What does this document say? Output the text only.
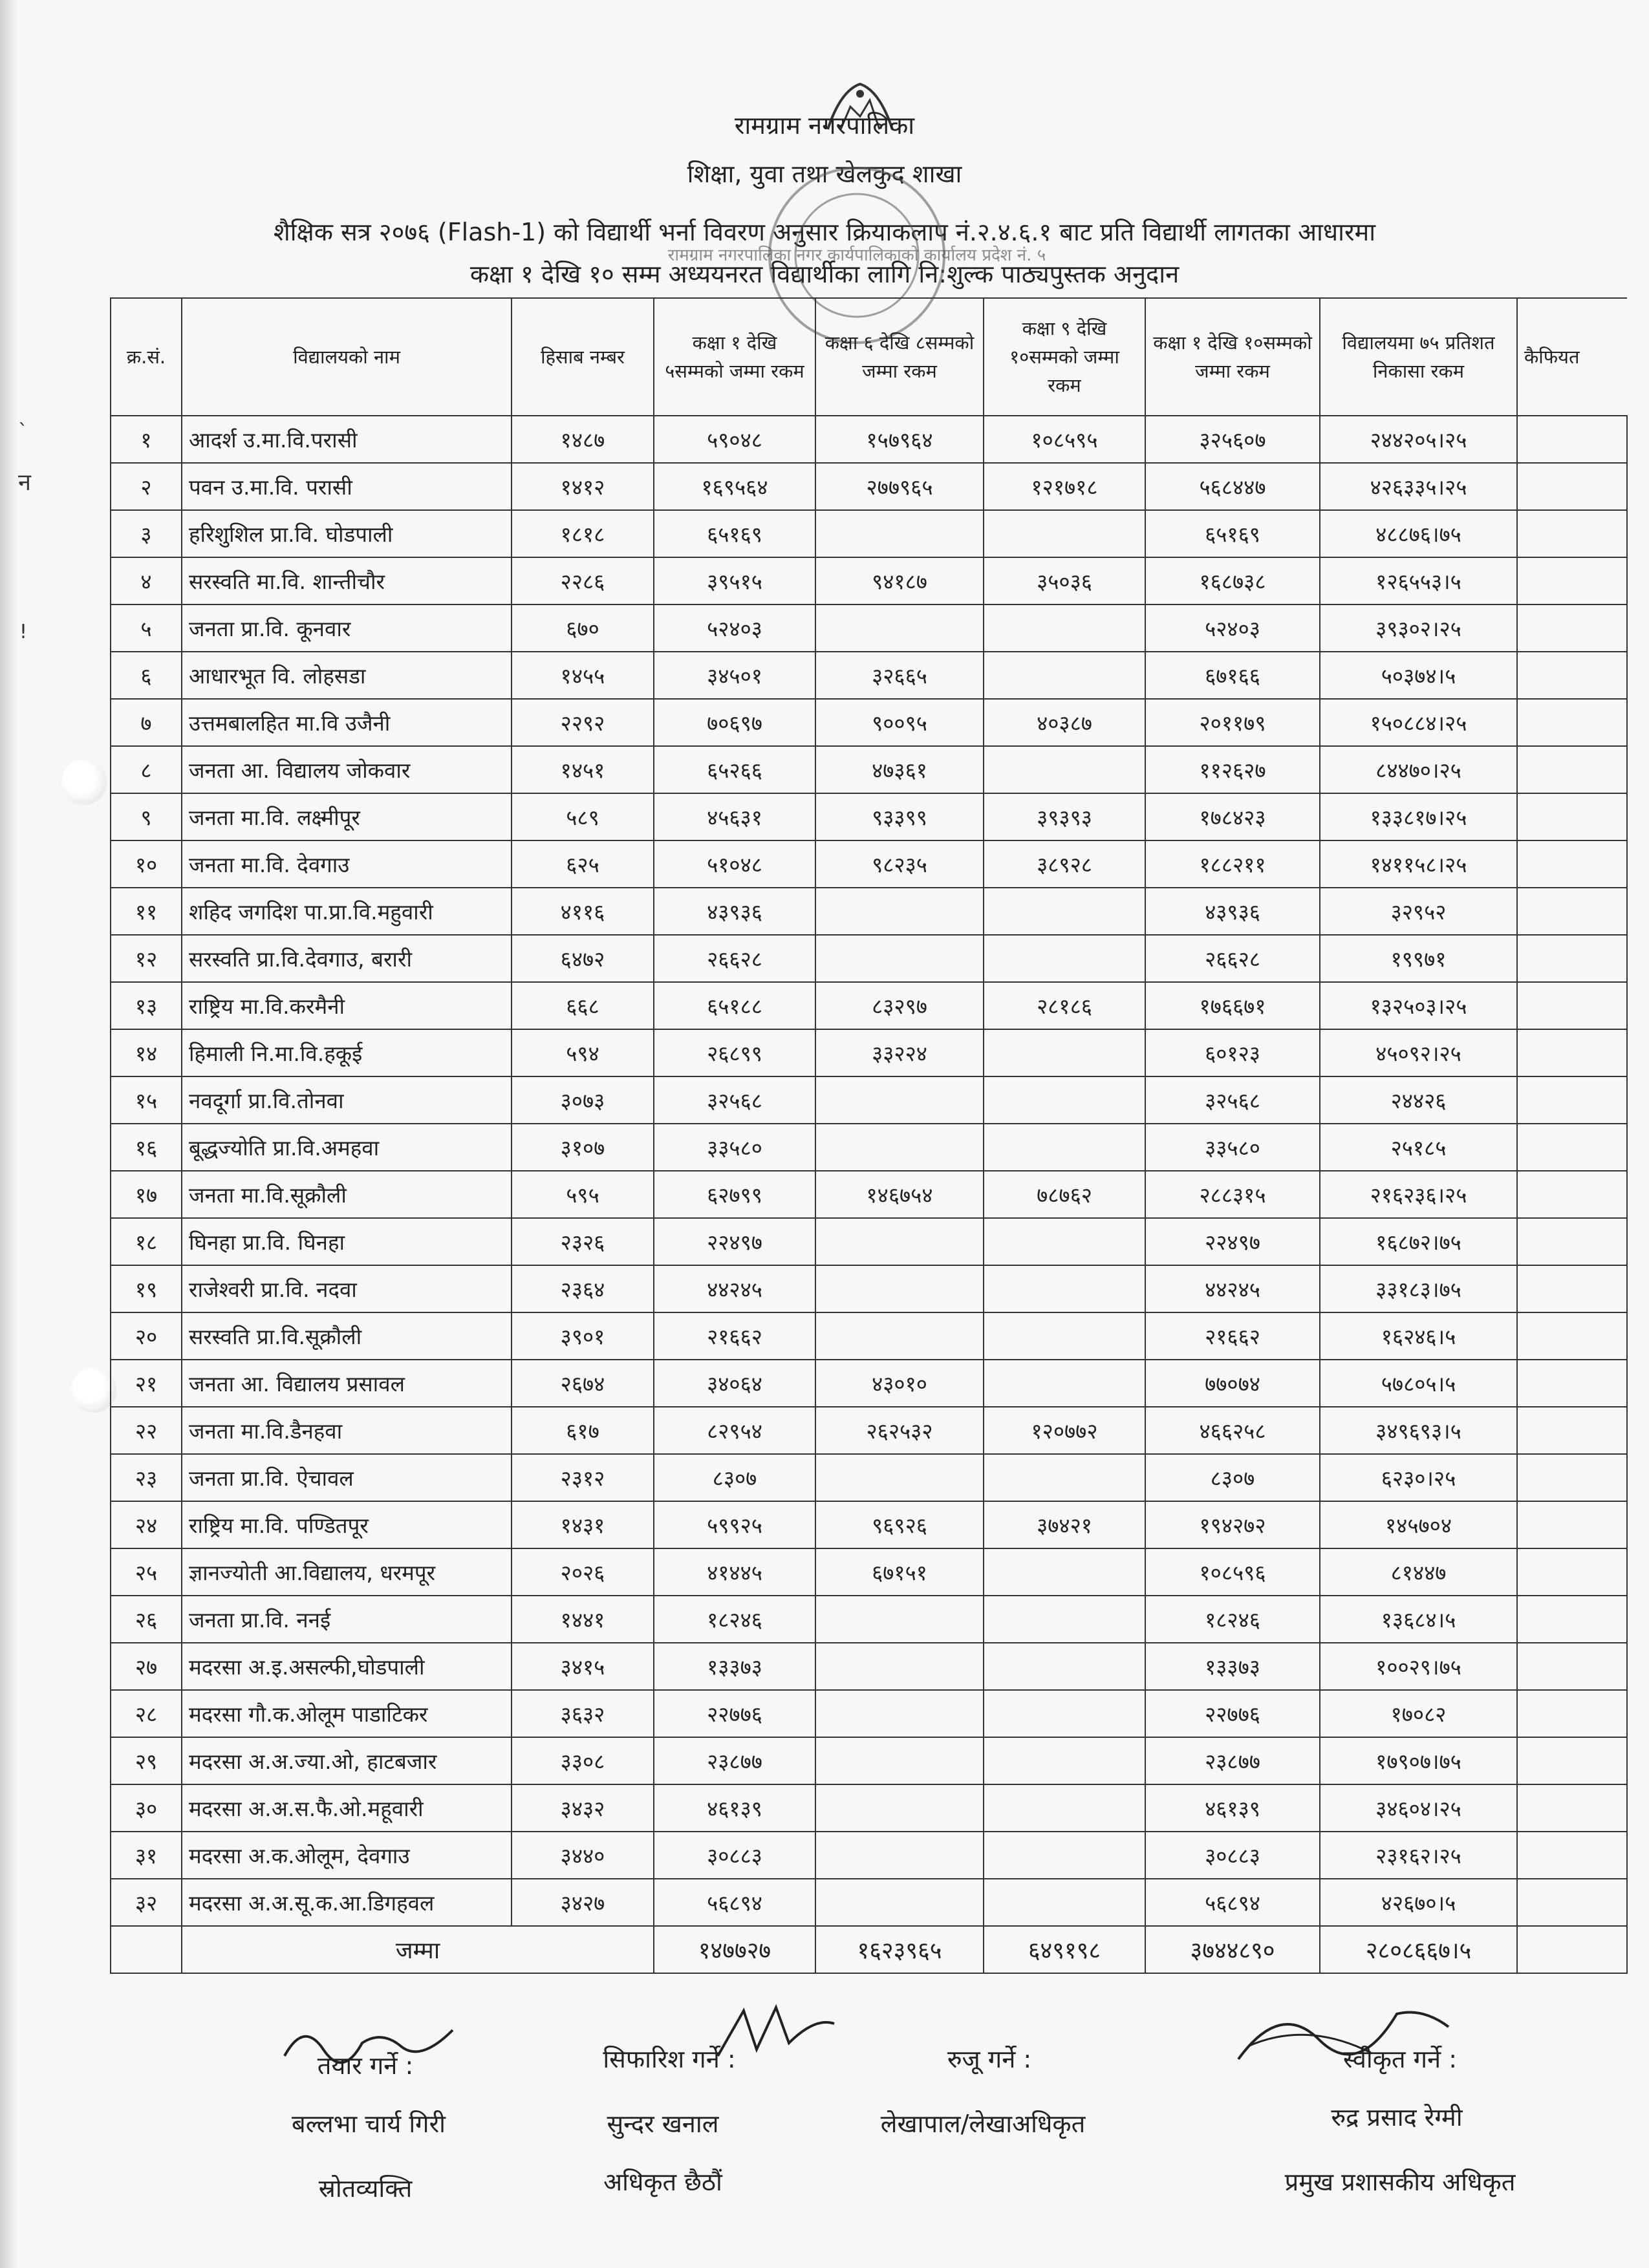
`
न
!
रामग्राम नगरपालिका
शिक्षा, युवा तथा खेलकुद शाखा
शैक्षिक सत्र २०७६ (Flash-1) को विद्यार्थी भर्ना विवरण अनुसार क्रियाकलाप नं.२.४.६.१ बाट प्रति विद्यार्थी लागतका आधारमा
कक्षा १ देखि १० सम्म अध्ययनरत विद्यार्थीका लागि नि:शुल्क पाठ्यपुस्तक अनुदान
रामग्राम नगरपालिका नगर कार्यपालिकाको कार्यालय प्रदेश नं. ५
क्र.सं.	विद्यालयको नाम	हिसाब नम्बर	कक्षा १ देखि ५सम्मको जम्मा रकम	कक्षा ६ देखि ८सम्मको जम्मा रकम	कक्षा ९ देखि १०सम्मको जम्मा रकम	कक्षा १ देखि १०सम्मको जम्मा रकम	विद्यालयमा ७५ प्रतिशत निकासा रकम	कैफियत
१	आदर्श उ.मा.वि.परासी	१४८७	५९०४८	१५७९६४	१०८५९५	३२५६०७	२४४२०५।२५	
२	पवन उ.मा.वि. परासी	१४१२	१६९५६४	२७७९६५	१२१७१८	५६८४४७	४२६३३५।२५	
३	हरिशुशिल प्रा.वि. घोडपाली	१८१८	६५१६९			६५१६९	४८८७६।७५	
४	सरस्वति मा.वि. शान्तीचौर	२२८६	३९५१५	९४१८७	३५०३६	१६८७३८	१२६५५३।५	
५	जनता प्रा.वि. कूनवार	६७०	५२४०३			५२४०३	३९३०२।२५	
६	आधारभूत वि. लोहसडा	१४५५	३४५०१	३२६६५		६७१६६	५०३७४।५	
७	उत्तमबालहित मा.वि उजैनी	२२९२	७०६९७	९००९५	४०३८७	२०११७९	१५०८८४।२५	
८	जनता आ. विद्यालय जोकवार	१४५१	६५२६६	४७३६१		११२६२७	८४४७०।२५	
९	जनता मा.वि. लक्ष्मीपूर	५८९	४५६३१	९३३९९	३९३९३	१७८४२३	१३३८१७।२५	
१०	जनता मा.वि. देवगाउ	६२५	५१०४८	९८२३५	३८९२८	१८८२११	१४११५८।२५	
११	शहिद जगदिश पा.प्रा.वि.महुवारी	४११६	४३९३६			४३९३६	३२९५२	
१२	सरस्वति प्रा.वि.देवगाउ, बरारी	६४७२	२६६२८			२६६२८	१९९७१	
१३	राष्ट्रिय मा.वि.करमैनी	६६८	६५१८८	८३२९७	२८१८६	१७६६७१	१३२५०३।२५	
१४	हिमाली नि.मा.वि.हकूई	५९४	२६८९९	३३२२४		६०१२३	४५०९२।२५	
१५	नवदूर्गा प्रा.वि.तोनवा	३०७३	३२५६८			३२५६८	२४४२६	
१६	बूद्धज्योति प्रा.वि.अमहवा	३१०७	३३५८०			३३५८०	२५१८५	
१७	जनता मा.वि.सूक्रौली	५९५	६२७९९	१४६७५४	७८७६२	२८८३१५	२१६२३६।२५	
१८	घिनहा प्रा.वि. घिनहा	२३२६	२२४९७			२२४९७	१६८७२।७५	
१९	राजेश्वरी प्रा.वि. नदवा	२३६४	४४२४५			४४२४५	३३१८३।७५	
२०	सरस्वति प्रा.वि.सूक्रौली	३९०१	२१६६२			२१६६२	१६२४६।५	
२१	जनता आ. विद्यालय प्रसावल	२६७४	३४०६४	४३०१०		७७०७४	५७८०५।५	
२२	जनता मा.वि.डैनहवा	६१७	८२९५४	२६२५३२	१२०७७२	४६६२५८	३४९६९३।५	
२३	जनता प्रा.वि. ऐचावल	२३१२	८३०७			८३०७	६२३०।२५	
२४	राष्ट्रिय मा.वि. पण्डितपूर	१४३१	५९९२५	९६९२६	३७४२१	१९४२७२	१४५७०४	
२५	ज्ञानज्योती आ.विद्यालय, धरमपूर	२०२६	४१४४५	६७१५१		१०८५९६	८१४४७	
२६	जनता प्रा.वि. ननई	१४४१	१८२४६			१८२४६	१३६८४।५	
२७	मदरसा अ.इ.असल्फी,घोडपाली	३४१५	१३३७३			१३३७३	१००२९।७५	
२८	मदरसा गौ.क.ओलूम पाडाटिकर	३६३२	२२७७६			२२७७६	१७०८२	
२९	मदरसा अ.अ.ज्या.ओ, हाटबजार	३३०८	२३८७७			२३८७७	१७९०७।७५	
३०	मदरसा अ.अ.स.फै.ओ.महूवारी	३४३२	४६१३९			४६१३९	३४६०४।२५	
३१	मदरसा अ.क.ओलूम, देवगाउ	३४४०	३०८८३			३०८८३	२३१६२।२५	
३२	मदरसा अ.अ.सू.क.आ.डिगहवल	३४२७	५६८९४			५६८९४	४२६७०।५	
	जम्मा		१४७७२७	१६२३९६५	६४९१९८	३७४४८९०	२८०८६६७।५	
तयार गर्ने :
बल्लभा चार्य गिरी
स्रोतव्यक्ति
सिफारिश गर्ने :
सुन्दर खनाल
अधिकृत छैठौं
रुजू गर्ने :
लेखापाल/लेखाअधिकृत
स्वीकृत गर्ने :
रुद्र प्रसाद रेग्मी
प्रमुख प्रशासकीय अधिकृत
